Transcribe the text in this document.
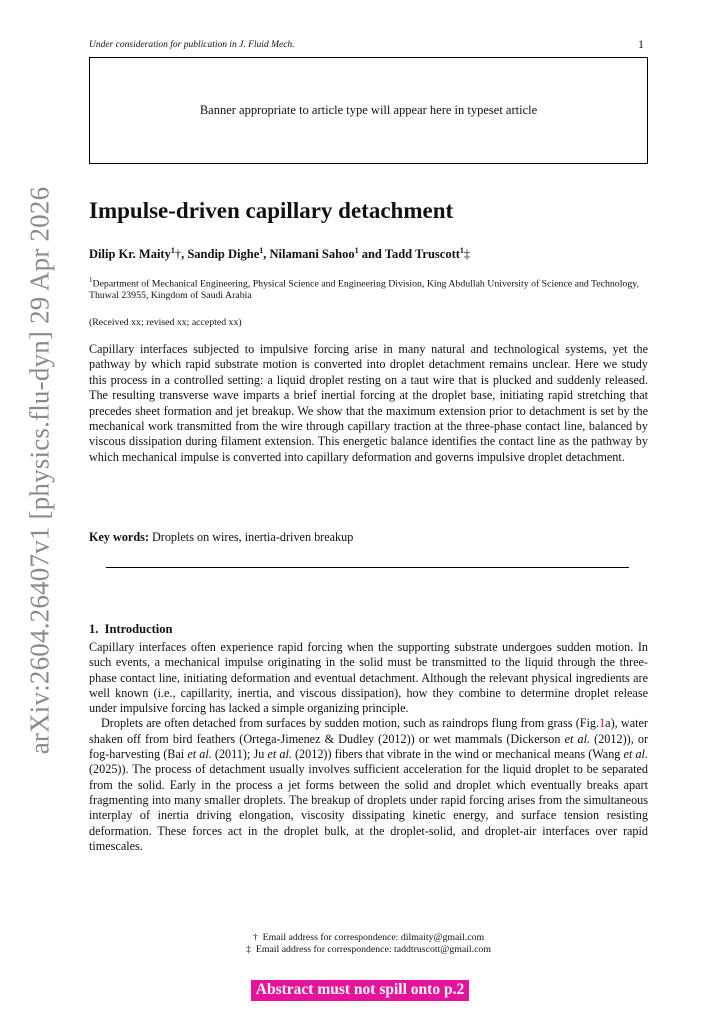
arXiv:2604.26407v1 [physics.flu-dyn] 29 Apr 2026
Under consideration for publication in J. Fluid Mech.	1
Banner appropriate to article type will appear here in typeset article
Impulse-driven capillary detachment
Dilip Kr. Maity$^1$†, Sandip Dighe$^1$, Nilamani Sahoo$^1$ and Tadd Truscott$^1$‡
$^1$Department of Mechanical Engineering, Physical Science and Engineering Division, King Abdullah University of Science and Technology, Thuwal 23955, Kingdom of Saudi Arabia
(Received xx; revised xx; accepted xx)

Capillary interfaces subjected to impulsive forcing arise in many natural and technological systems, yet the pathway by which rapid substrate motion is converted into droplet detachment remains unclear. Here we study this process in a controlled setting: a liquid droplet resting on a taut wire that is plucked and suddenly released. The resulting transverse wave imparts a brief inertial forcing at the droplet base, initiating rapid stretching that precedes sheet formation and jet breakup. We show that the maximum extension prior to detachment is set by the mechanical work transmitted from the wire through capillary traction at the three-phase contact line, balanced by viscous dissipation during filament extension. This energetic balance identifies the contact line as the pathway by which mechanical impulse is converted into capillary deformation and governs impulsive droplet detachment.

Key words: Droplets on wires, inertia-driven breakup
1. Introduction

Capillary interfaces often experience rapid forcing when the supporting substrate undergoes sudden motion. In such events, a mechanical impulse originating in the solid must be transmitted to the liquid through the three-phase contact line, initiating deformation and eventual detachment. Although the relevant physical ingredients are well known (i.e., capillarity, inertia, and viscous dissipation), how they combine to determine droplet release under impulsive forcing has lacked a simple organizing principle.

Droplets are often detached from surfaces by sudden motion, such as raindrops flung from grass (Fig.1a), water shaken off from bird feathers (Ortega-Jimenez & Dudley (2012)) or wet mammals (Dickerson et al. (2012)), or fog-harvesting (Bai et al. (2011); Ju et al. (2012)) fibers that vibrate in the wind or mechanical means (Wang et al. (2025)). The process of detachment usually involves sufficient acceleration for the liquid droplet to be separated from the solid. Early in the process a jet forms between the solid and droplet which eventually breaks apart fragmenting into many smaller droplets. The breakup of droplets under rapid forcing arises from the simultaneous interplay of inertia driving elongation, viscosity dissipating kinetic energy, and surface tension resisting deformation. These forces act in the droplet bulk, at the droplet-solid, and droplet-air interfaces over rapid timescales.

† Email address for correspondence: dilmaity@gmail.com
‡ Email address for correspondence: taddtruscott@gmail.com
Abstract must not spill onto p.2
